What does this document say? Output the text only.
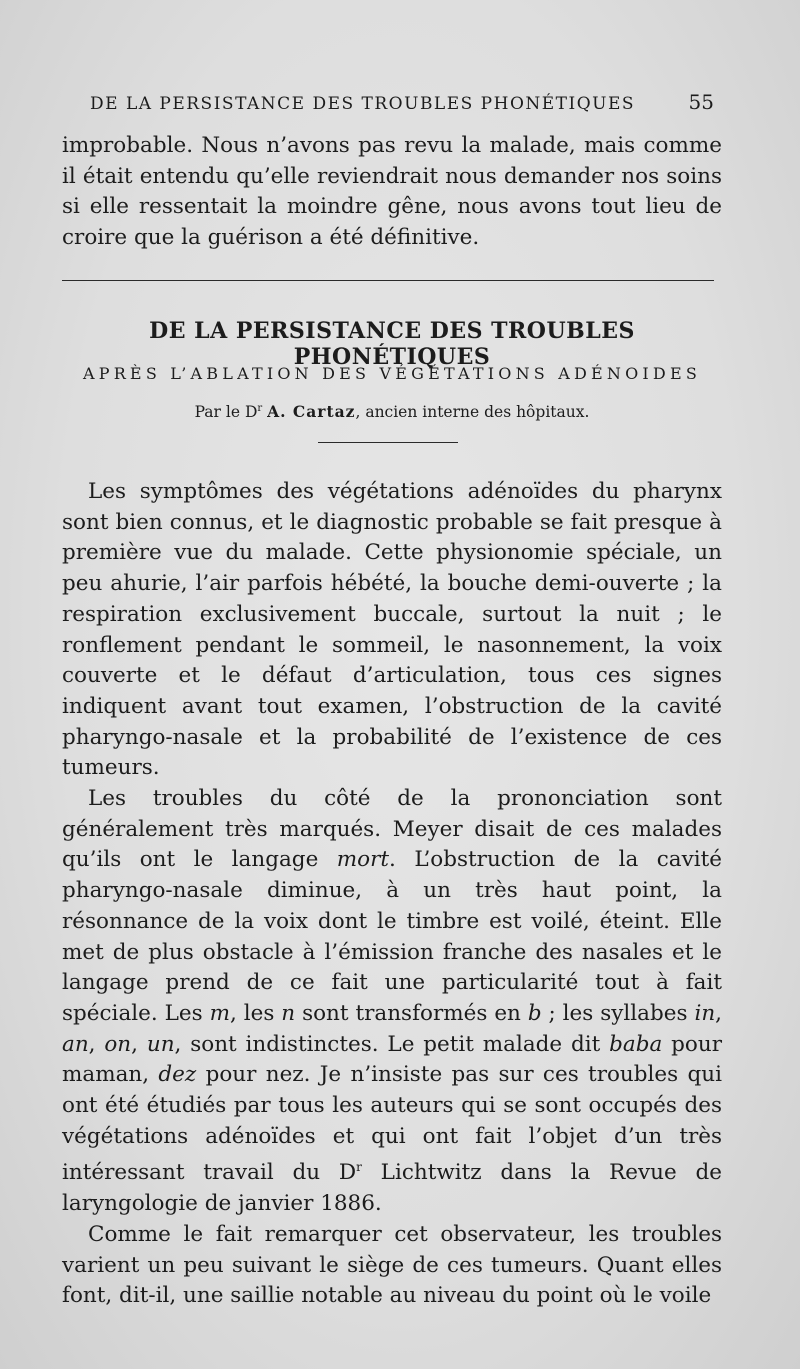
DE LA PERSISTANCE DES TROUBLES PHONÉTIQUES	55

improbable. Nous n’avons pas revu la malade, mais comme il était entendu qu’elle reviendrait nous demander nos soins si elle ressentait la moindre gêne, nous avons tout lieu de croire que la guérison a été définitive.

DE LA PERSISTANCE DES TROUBLES PHONÉTIQUES
APRÈS L’ABLATION DES VÉGÉTATIONS ADÉNOIDES
Par le $D^r$ A. Cartaz, ancien interne des hôpitaux.

Les symptômes des végétations adénoïdes du pharynx sont bien connus, et le diagnostic probable se fait presque à première vue du malade. Cette physionomie spéciale, un peu ahurie, l’air parfois hébété, la bouche demi-ouverte ; la respiration exclusivement buccale, surtout la nuit ; le ronflement pendant le sommeil, le nasonnement, la voix couverte et le défaut d’articulation, tous ces signes indiquent avant tout examen, l’obstruction de la cavité pharyngo-nasale et la probabilité de l’existence de ces tumeurs.

Les troubles du côté de la prononciation sont généralement très marqués. Meyer disait de ces malades qu’ils ont le langage mort. L’obstruction de la cavité pharyngo-nasale diminue, à un très haut point, la résonnance de la voix dont le timbre est voilé, éteint. Elle met de plus obstacle à l’émission franche des nasales et le langage prend de ce fait une particularité tout à fait spéciale. Les m, les n sont transformés en b ; les syllabes in, an, on, un, sont indistinctes. Le petit malade dit baba pour maman, dez pour nez. Je n’insiste pas sur ces troubles qui ont été étudiés par tous les auteurs qui se sont occupés des végétations adénoïdes et qui ont fait l’objet d’un très intéressant travail du $D^r$ Lichtwitz dans la Revue de laryngologie de janvier 1886.

Comme le fait remarquer cet observateur, les troubles varient un peu suivant le siège de ces tumeurs. Quant elles font, dit-il, une saillie notable au niveau du point où le voile
